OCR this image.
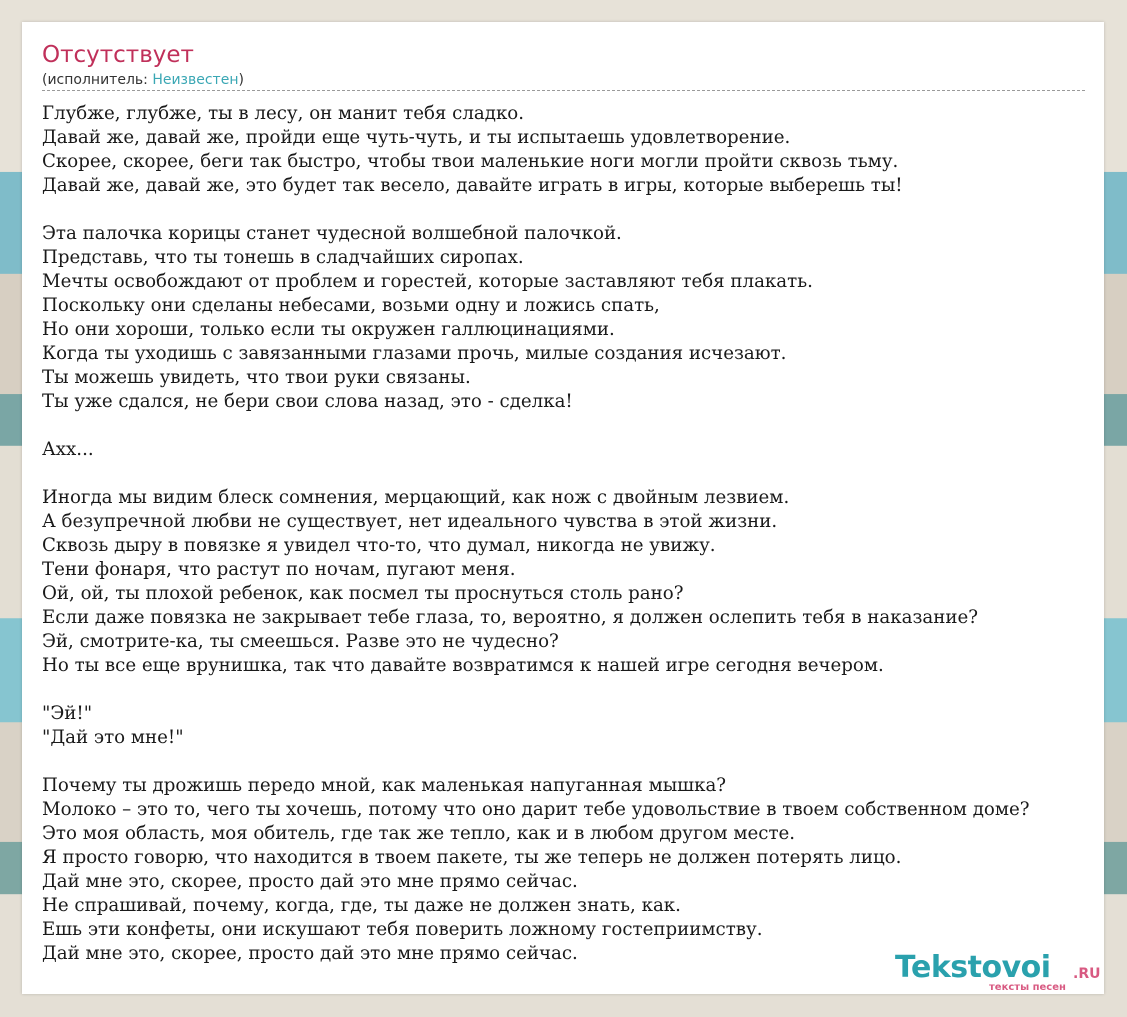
Отсутствует
(исполнитель: Неизвестен)
Глубже, глубже, ты в лесу, он манит тебя сладко.
Давай же, давай же, пройди еще чуть-чуть, и ты испытаешь удовлетворение.
Скорее, скорее, беги так быстро, чтобы твои маленькие ноги могли пройти сквозь тьму.
Давай же, давай же, это будет так весело, давайте играть в игры, которые выберешь ты!
Эта палочка корицы станет чудесной волшебной палочкой.
Представь, что ты тонешь в сладчайших сиропах.
Мечты освобождают от проблем и горестей, которые заставляют тебя плакать.
Поскольку они сделаны небесами, возьми одну и ложись спать,
Но они хороши, только если ты окружен галлюцинациями.
Когда ты уходишь с завязанными глазами прочь, милые создания исчезают.
Ты можешь увидеть, что твои руки связаны.
Ты уже сдался, не бери свои слова назад, это - сделка!
Ахх...
Иногда мы видим блеск сомнения, мерцающий, как нож с двойным лезвием.
А безупречной любви не существует, нет идеального чувства в этой жизни.
Сквозь дыру в повязке я увидел что-то, что думал, никогда не увижу.
Тени фонаря, что растут по ночам, пугают меня.
Ой, ой, ты плохой ребенок, как посмел ты проснуться столь рано?
Если даже повязка не закрывает тебе глаза, то, вероятно, я должен ослепить тебя в наказание?
Эй, смотрите-ка, ты смеешься. Разве это не чудесно?
Но ты все еще врунишка, так что давайте возвратимся к нашей игре сегодня вечером.
"Эй!"
"Дай это мне!"
Почему ты дрожишь передо мной, как маленькая напуганная мышка?
Молоко – это то, чего ты хочешь, потому что оно дарит тебе удовольствие в твоем собственном доме?
Это моя область, моя обитель, где так же тепло, как и в любом другом месте.
Я просто говорю, что находится в твоем пакете, ты же теперь не должен потерять лицо.
Дай мне это, скорее, просто дай это мне прямо сейчас.
Не спрашивай, почему, когда, где, ты даже не должен знать, как.
Ешь эти конфеты, они искушают тебя поверить ложному гостеприимству.
Дай мне это, скорее, просто дай это мне прямо сейчас.	Tekstovoi .RU
тексты песен
